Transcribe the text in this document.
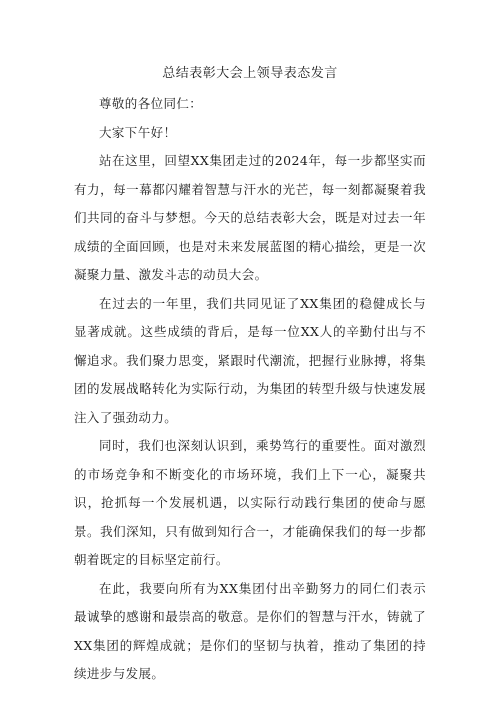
总结表彰大会上领导表态发言

尊敬的各位同仁：

大家下午好！

站在这里，回望XX集团走过的2024年，每一步都坚实而有力，每一幕都闪耀着智慧与汗水的光芒，每一刻都凝聚着我们共同的奋斗与梦想。今天的总结表彰大会，既是对过去一年成绩的全面回顾，也是对未来发展蓝图的精心描绘，更是一次凝聚力量、激发斗志的动员大会。

在过去的一年里，我们共同见证了XX集团的稳健成长与显著成就。这些成绩的背后，是每一位XX人的辛勤付出与不懈追求。我们聚力思变，紧跟时代潮流，把握行业脉搏，将集团的发展战略转化为实际行动，为集团的转型升级与快速发展注入了强劲动力。

同时，我们也深刻认识到，乘势笃行的重要性。面对激烈的市场竞争和不断变化的市场环境，我们上下一心，凝聚共识，抢抓每一个发展机遇，以实际行动践行集团的使命与愿景。我们深知，只有做到知行合一，才能确保我们的每一步都朝着既定的目标坚定前行。

在此，我要向所有为XX集团付出辛勤努力的同仁们表示最诚挚的感谢和最崇高的敬意。是你们的智慧与汗水，铸就了XX集团的辉煌成就；是你们的坚韧与执着，推动了集团的持续进步与发展。
